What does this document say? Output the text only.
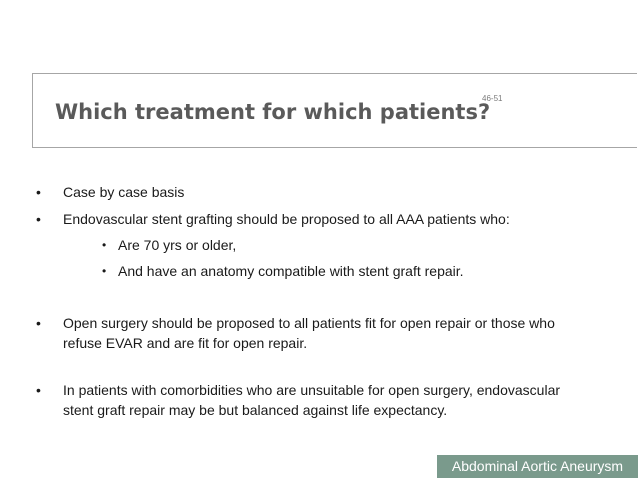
Which treatment for which patients?
46-51
• Case by case basis
• Endovascular stent grafting should be proposed to all AAA patients who:
• Are 70 yrs or older,
• And have an anatomy compatible with stent graft repair.
• Open surgery should be proposed to all patients fit for open repair or those who
refuse EVAR and are fit for open repair.
• In patients with comorbidities who are unsuitable for open surgery, endovascular
stent graft repair may be but balanced against life expectancy.
Abdominal Aortic Aneurysm
